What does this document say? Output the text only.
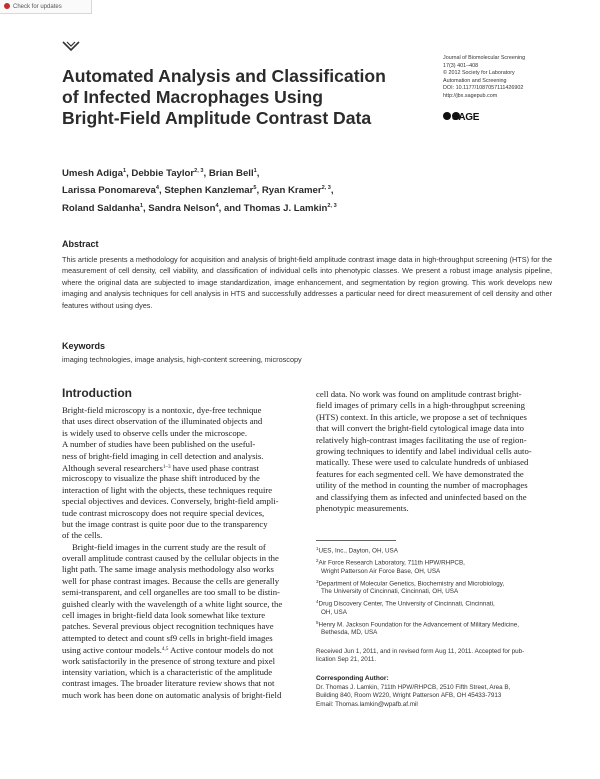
Check for updates
Journal of Biomolecular Screening
17(3) 401–408
© 2012 Society for Laboratory
Automation and Screening
DOI: 10.1177/1087057111426902
http://jbx.sagepub.com
SAGE
Automated Analysis and Classification
of Infected Macrophages Using
Bright-Field Amplitude Contrast Data
Umesh Adiga$^1$, Debbie Taylor$^{2, 3}$, Brian Bell$^1$,
Larissa Ponomareva$^4$, Stephen Kanzlemar$^5$, Ryan Kramer$^{2, 3}$,
Roland Saldanha$^1$, Sandra Nelson$^4$, and Thomas J. Lamkin$^{2, 3}$
Abstract
This article presents a methodology for acquisition and analysis of bright-field amplitude contrast image data in high-throughput screening (HTS) for the measurement of cell density, cell viability, and classification of individual cells into phenotypic classes. We present a robust image analysis pipeline, where the original data are subjected to image standardization, image enhancement, and segmentation by region growing. This work develops new imaging and analysis techniques for cell analysis in HTS and successfully addresses a particular need for direct measurement of cell density and other features without using dyes.
Keywords
imaging technologies, image analysis, high-content screening, microscopy
Introduction
Bright-field microscopy is a nontoxic, dye-free technique
that uses direct observation of the illuminated objects and
is widely used to observe cells under the microscope.
A number of studies have been published on the useful-
ness of bright-field imaging in cell detection and analysis.
Although several researchers$^{1-3}$ have used phase contrast
microscopy to visualize the phase shift introduced by the
interaction of light with the objects, these techniques require
special objectives and devices. Conversely, bright-field ampli-
tude contrast microscopy does not require special devices,
but the image contrast is quite poor due to the transparency
of the cells.
Bright-field images in the current study are the result of
overall amplitude contrast caused by the cellular objects in the
light path. The same image analysis methodology also works
well for phase contrast images. Because the cells are generally
semi-transparent, and cell organelles are too small to be distin-
guished clearly with the wavelength of a white light source, the
cell images in bright-field data look somewhat like texture
patches. Several previous object recognition techniques have
attempted to detect and count sf9 cells in bright-field images
using active contour models.$^{4,5}$ Active contour models do not
work satisfactorily in the presence of strong texture and pixel
intensity variation, which is a characteristic of the amplitude
contrast images. The broader literature review shows that not
much work has been done on automatic analysis of bright-field
cell data. No work was found on amplitude contrast bright-
field images of primary cells in a high-throughput screening
(HTS) context. In this article, we propose a set of techniques
that will convert the bright-field cytological image data into
relatively high-contrast images facilitating the use of region-
growing techniques to identify and label individual cells auto-
matically. These were used to calculate hundreds of unbiased
features for each segmented cell. We have demonstrated the
utility of the method in counting the number of macrophages
and classifying them as infected and uninfected based on the
phenotypic measurements.
$^1$UES, Inc., Dayton, OH, USA
$^2$Air Force Research Laboratory, 711th HPW/RHPCB,
Wright Patterson Air Force Base, OH, USA
$^3$Department of Molecular Genetics, Biochemistry and Microbiology,
The University of Cincinnati, Cincinnati, OH, USA
$^4$Drug Discovery Center, The University of Cincinnati, Cincinnati,
OH, USA
$^5$Henry M. Jackson Foundation for the Advancement of Military Medicine,
Bethesda, MD, USA
Received Jun 1, 2011, and in revised form Aug 11, 2011. Accepted for pub-
lication Sep 21, 2011.
Corresponding Author:
Dr. Thomas J. Lamkin, 711th HPW/RHPCB, 2510 Fifth Street, Area B,
Building 840, Room W220, Wright Patterson AFB, OH 45433-7913
Email: Thomas.lamkin@wpafb.af.mil
